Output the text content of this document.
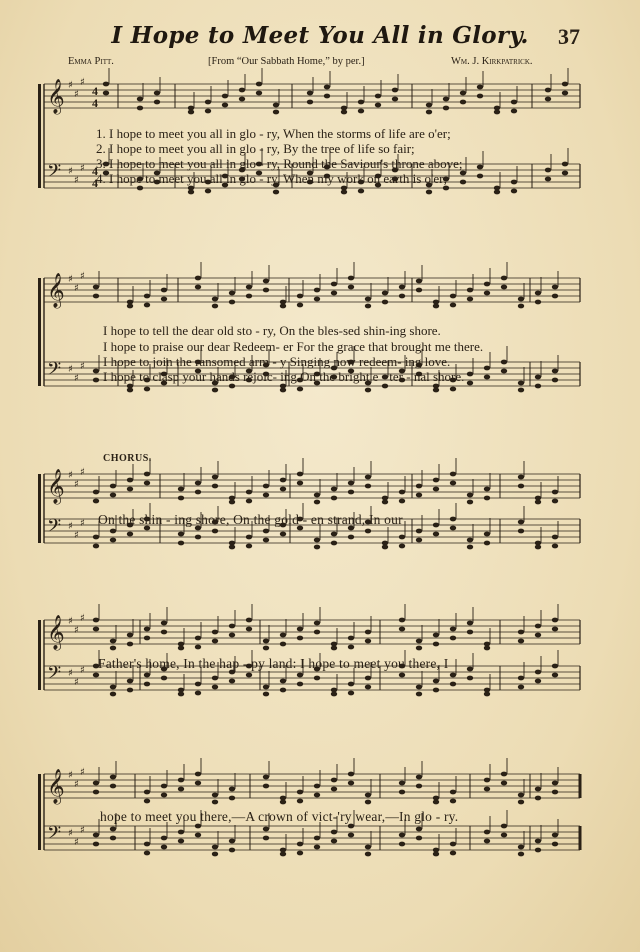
I Hope to Meet You All in Glory.	37
Emma Pitt.	[From “Our Sabbath Home,” by per.]	Wm. J. Kirkpatrick.
𝄞 ♯
♯
♯
4
4
𝄢 ♯
♯
♯ 4
4
𝄞 ♯
♯
♯
𝄢 ♯
♯
♯
𝄞 ♯
♯
♯
𝄢 ♯
♯
♯
𝄞 ♯
♯
♯
𝄢 ♯
♯
♯
𝄞 ♯
♯
♯
𝄢 ♯
♯
♯
1. I hope to meet you all in glo - ry, When the storms of life are o'er;
2. I hope to meet you all in glo - ry, By the tree of life so fair;
3. I hope to meet you all in glo - ry, Round the Saviour's throne above;
4. I hope to meet you all in glo - ry, When my work on earth is o'er;
I hope to tell the dear old sto - ry, On the bles-sed shin-ing shore.
I hope to praise our dear Redeem- er For the grace that brought me there.
I hope to join the ransomed arm - y Singing now redeem- ing love.
I hope to clasp your hands rejoic- ing On the bright e - ter - nal shore.
CHORUS.
On the shin - ing shore, On the gold - en strand, In our
Father's home, In the hap - py land: I hope to meet you there, I
hope to meet you there,—A crown of vict-'ry wear,—In glo - ry.
